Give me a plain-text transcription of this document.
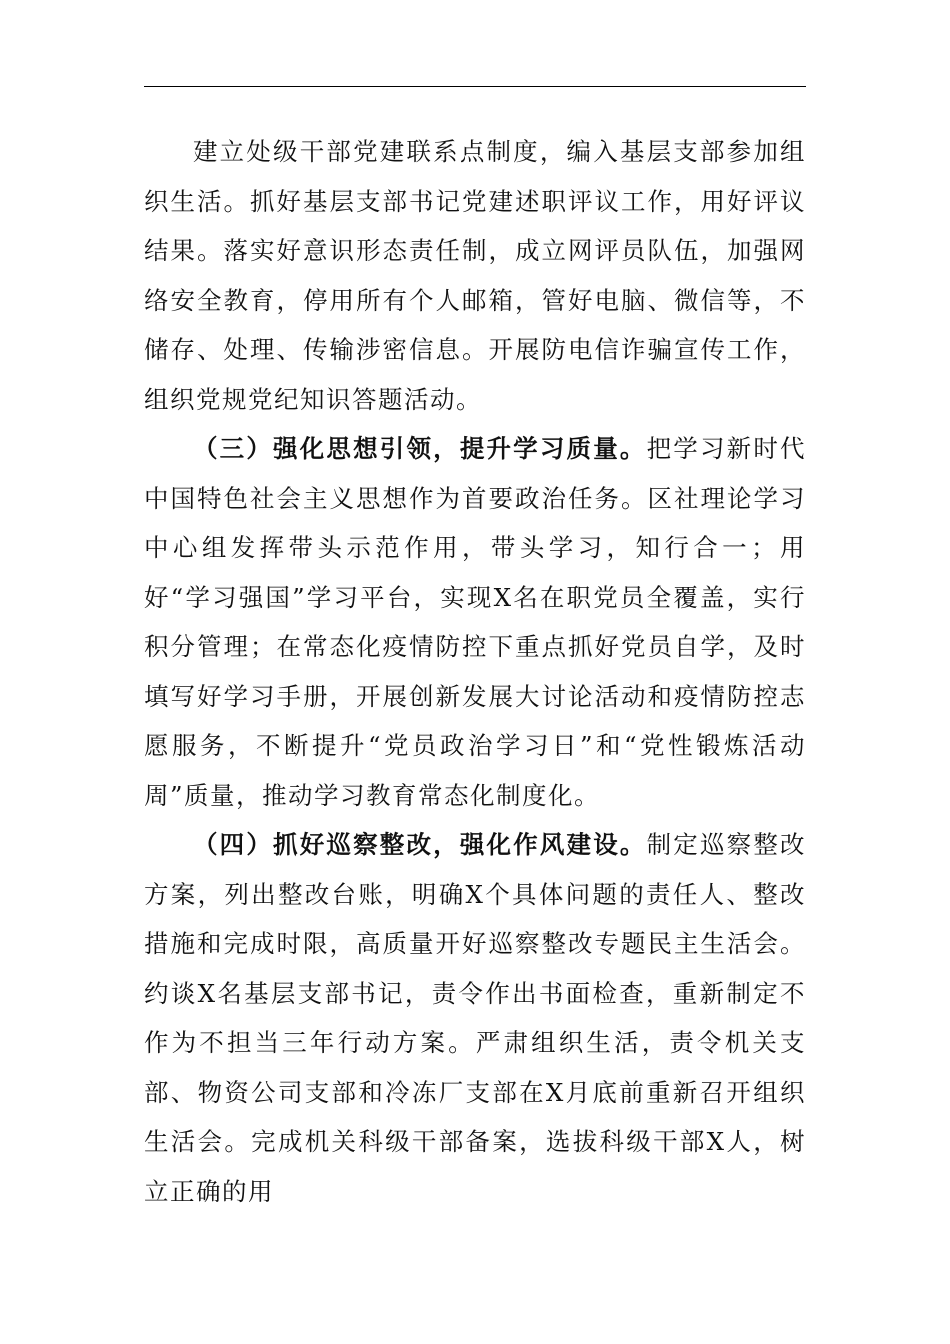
建立处级干部党建联系点制度，编入基层支部参加组织生活。抓好基层支部书记党建述职评议工作，用好评议结果。落实好意识形态责任制，成立网评员队伍，加强网络安全教育，停用所有个人邮箱，管好电脑、微信等，不储存、处理、传输涉密信息。开展防电信诈骗宣传工作，组织党规党纪知识答题活动。

（三）强化思想引领，提升学习质量。把学习新时代中国特色社会主义思想作为首要政治任务。区社理论学习中心组发挥带头示范作用，带头学习，知行合一；用好“学习强国”学习平台，实现X名在职党员全覆盖，实行积分管理；在常态化疫情防控下重点抓好党员自学，及时填写好学习手册，开展创新发展大讨论活动和疫情防控志愿服务，不断提升“党员政治学习日”和“党性锻炼活动周”质量，推动学习教育常态化制度化。

（四）抓好巡察整改，强化作风建设。制定巡察整改方案，列出整改台账，明确X个具体问题的责任人、整改措施和完成时限，高质量开好巡察整改专题民主生活会。约谈X名基层支部书记，责令作出书面检查，重新制定不作为不担当三年行动方案。严肃组织生活，责令机关支部、物资公司支部和冷冻厂支部在X月底前重新召开组织生活会。完成机关科级干部备案，选拔科级干部X人，树立正确的用
